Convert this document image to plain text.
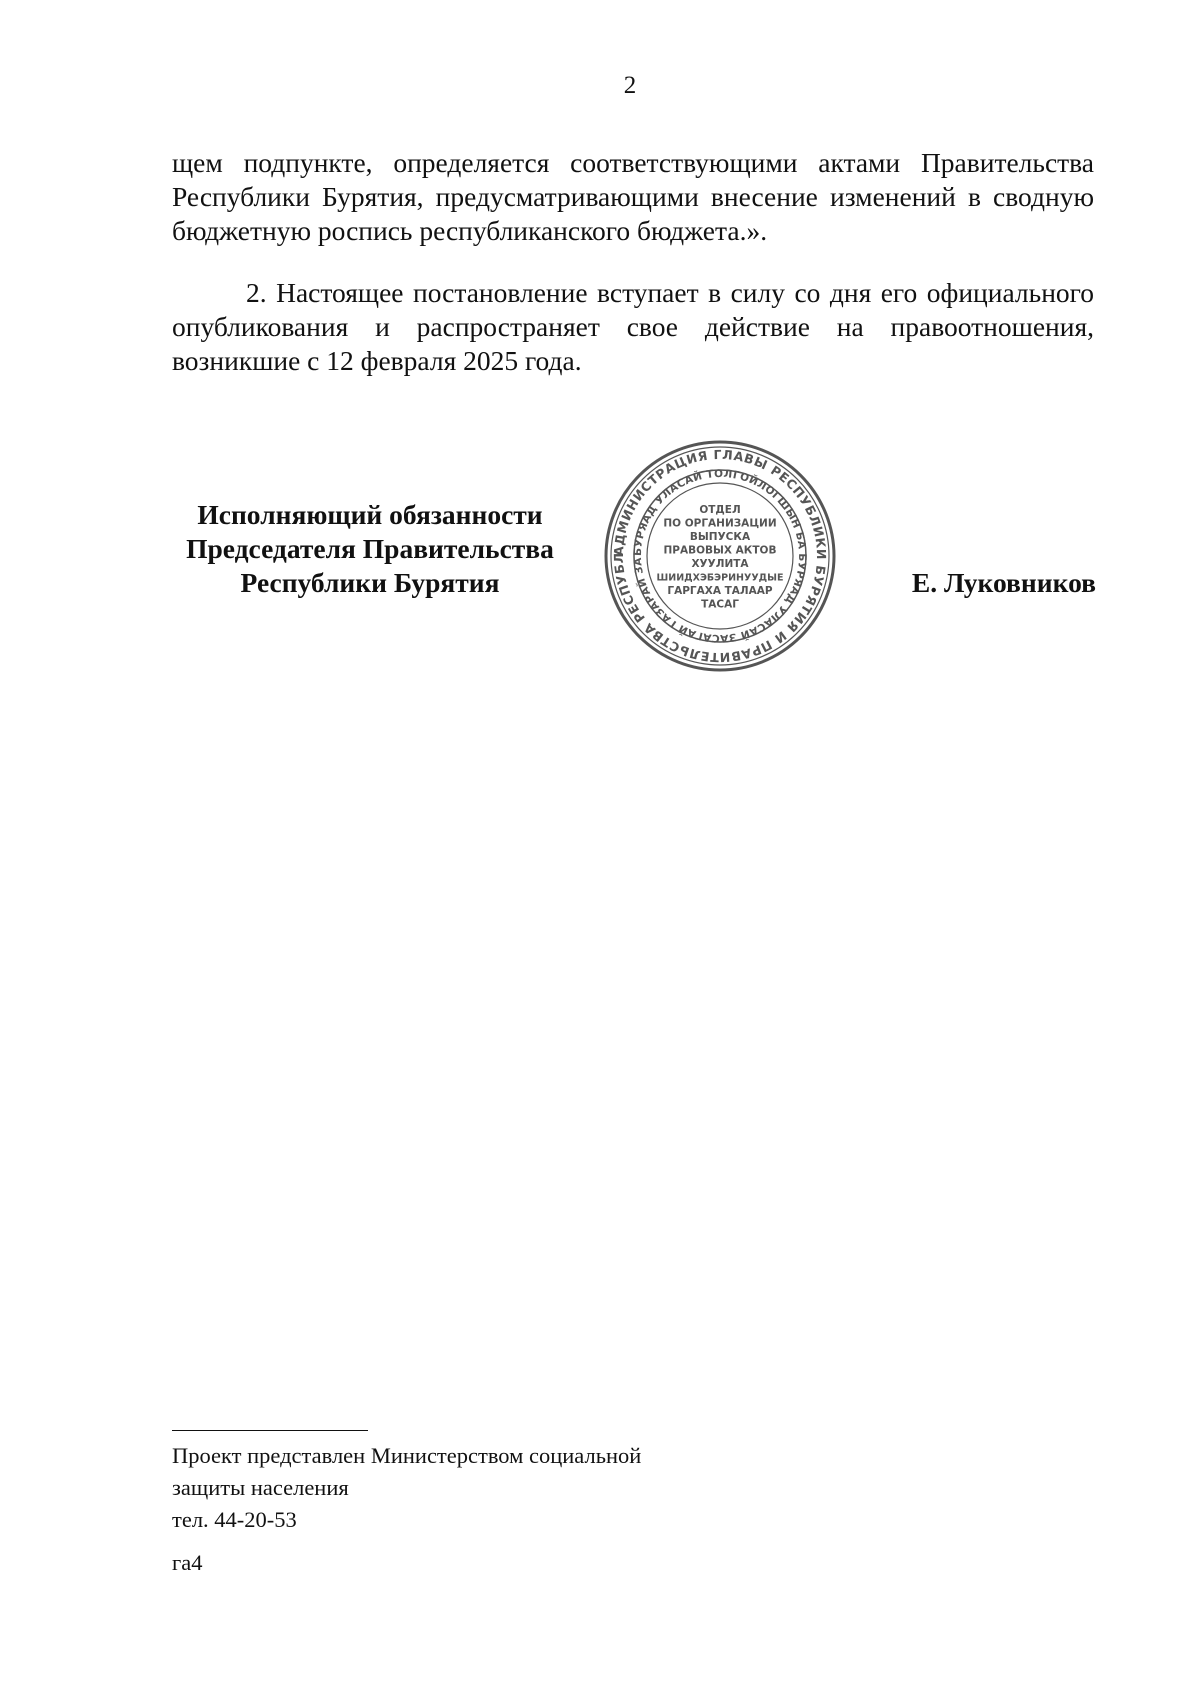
2
щем подпункте, определяется соответствующими актами Правительства Республики Бурятия, предусматривающими внесение изменений в сводную бюджетную роспись республиканского бюджета.».
2. Настоящее постановление вступает в силу со дня его официального опубликования и распространяет свое действие на правоотношения, возникшие с 12 февраля 2025 года.
Исполняющий обязанности
Председателя Правительства
Республики Бурятия
АДМИНИСТРАЦИЯ ГЛАВЫ РЕСПУБЛИКИ БУРЯТИЯ И ПРАВИТЕЛЬСТВА РЕСПУБЛ
БУРЯАД УЛАСАЙ ТОЛГОЙЛОГШЫН БА БУРЯАД УЛАСАЙ ЗАСАГАЙ ГАЗАРАЙ ЗА
ОТДЕЛ
ПО ОРГАНИЗАЦИИ
ВЫПУСКА
ПРАВОВЫХ АКТОВ
ХУУЛИТА
ШИИДХЭБЭРИНУУДЫЕ
ГАРГАХА ТАЛААР
ТАСАГ
Е. Луковников
Проект представлен Министерством социальной
защиты населения
тел. 44-20-53
га4
